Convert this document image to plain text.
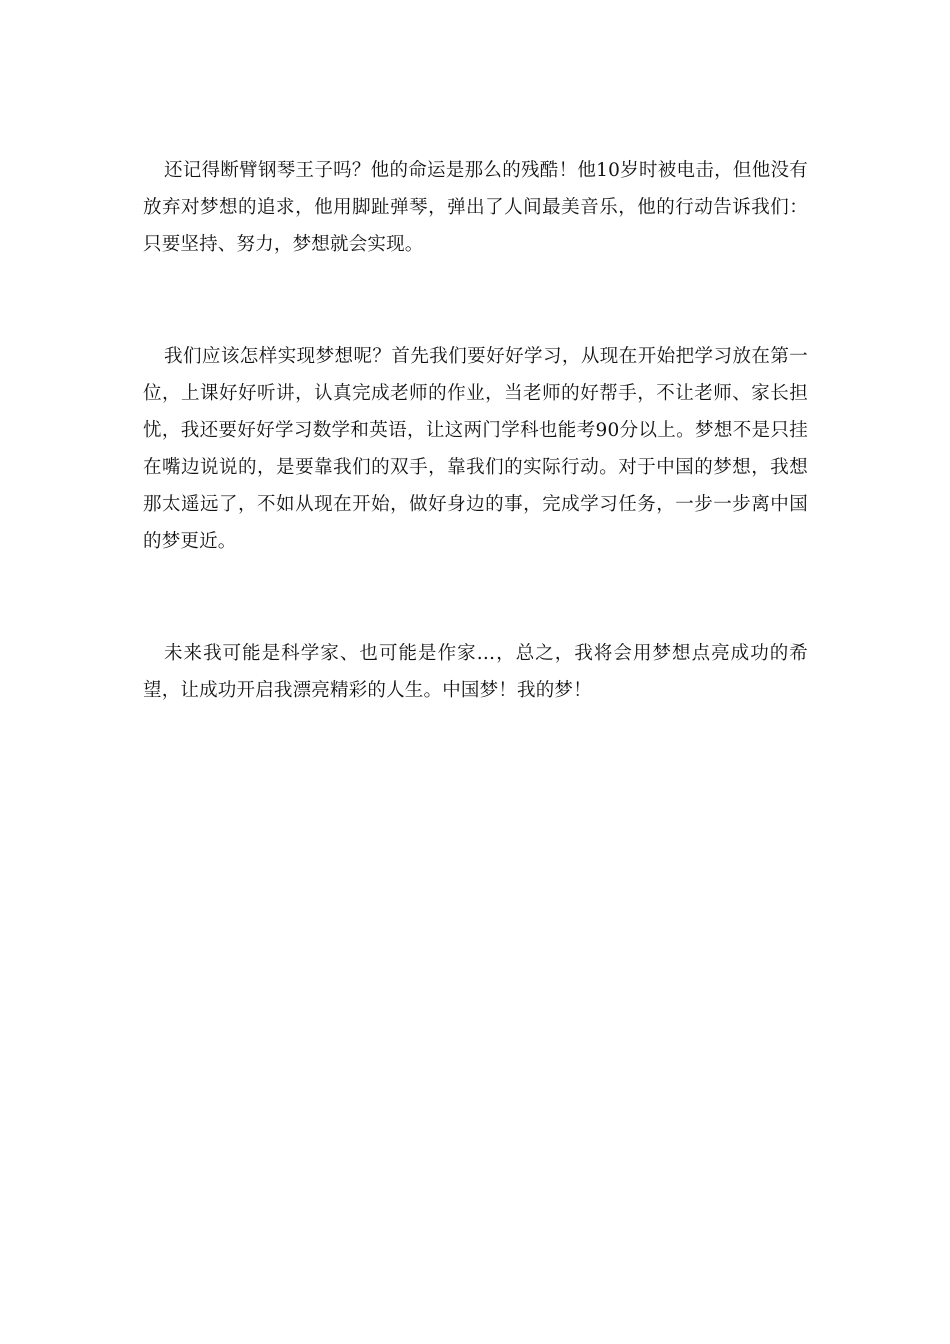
还记得断臂钢琴王子吗？他的命运是那么的残酷！他10岁时被电击，但他没有放弃对梦想的追求，他用脚趾弹琴，弹出了人间最美音乐，他的行动告诉我们：只要坚持、努力，梦想就会实现。

我们应该怎样实现梦想呢？首先我们要好好学习，从现在开始把学习放在第一位，上课好好听讲，认真完成老师的作业，当老师的好帮手，不让老师、家长担忧，我还要好好学习数学和英语，让这两门学科也能考90分以上。梦想不是只挂在嘴边说说的，是要靠我们的双手，靠我们的实际行动。对于中国的梦想，我想那太遥远了，不如从现在开始，做好身边的事，完成学习任务，一步一步离中国的梦更近。

未来我可能是科学家、也可能是作家…，总之，我将会用梦想点亮成功的希望，让成功开启我漂亮精彩的人生。中国梦！我的梦！
